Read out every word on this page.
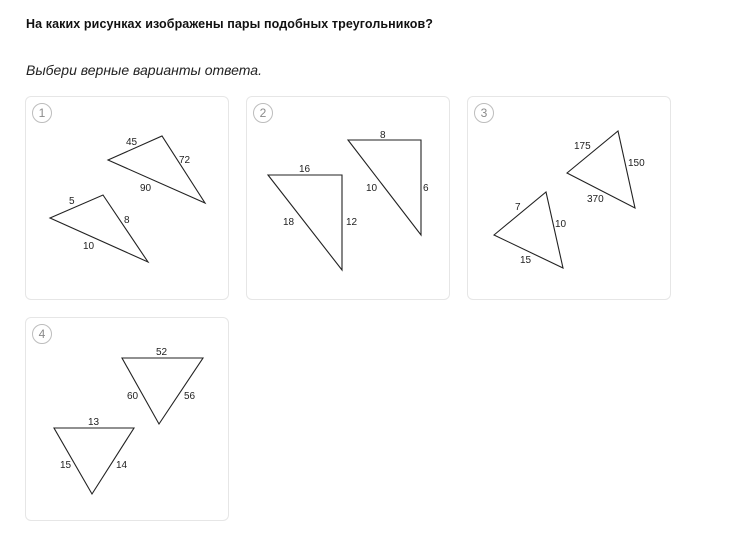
На каких рисунках изображены пары подобных треугольников?
Выбери верные варианты ответа.
1
45
72
90
5
8
10
2
8
10	6
16
18	12
3
175
150
370
7
10
15
4
52
60	56
13
15	14
